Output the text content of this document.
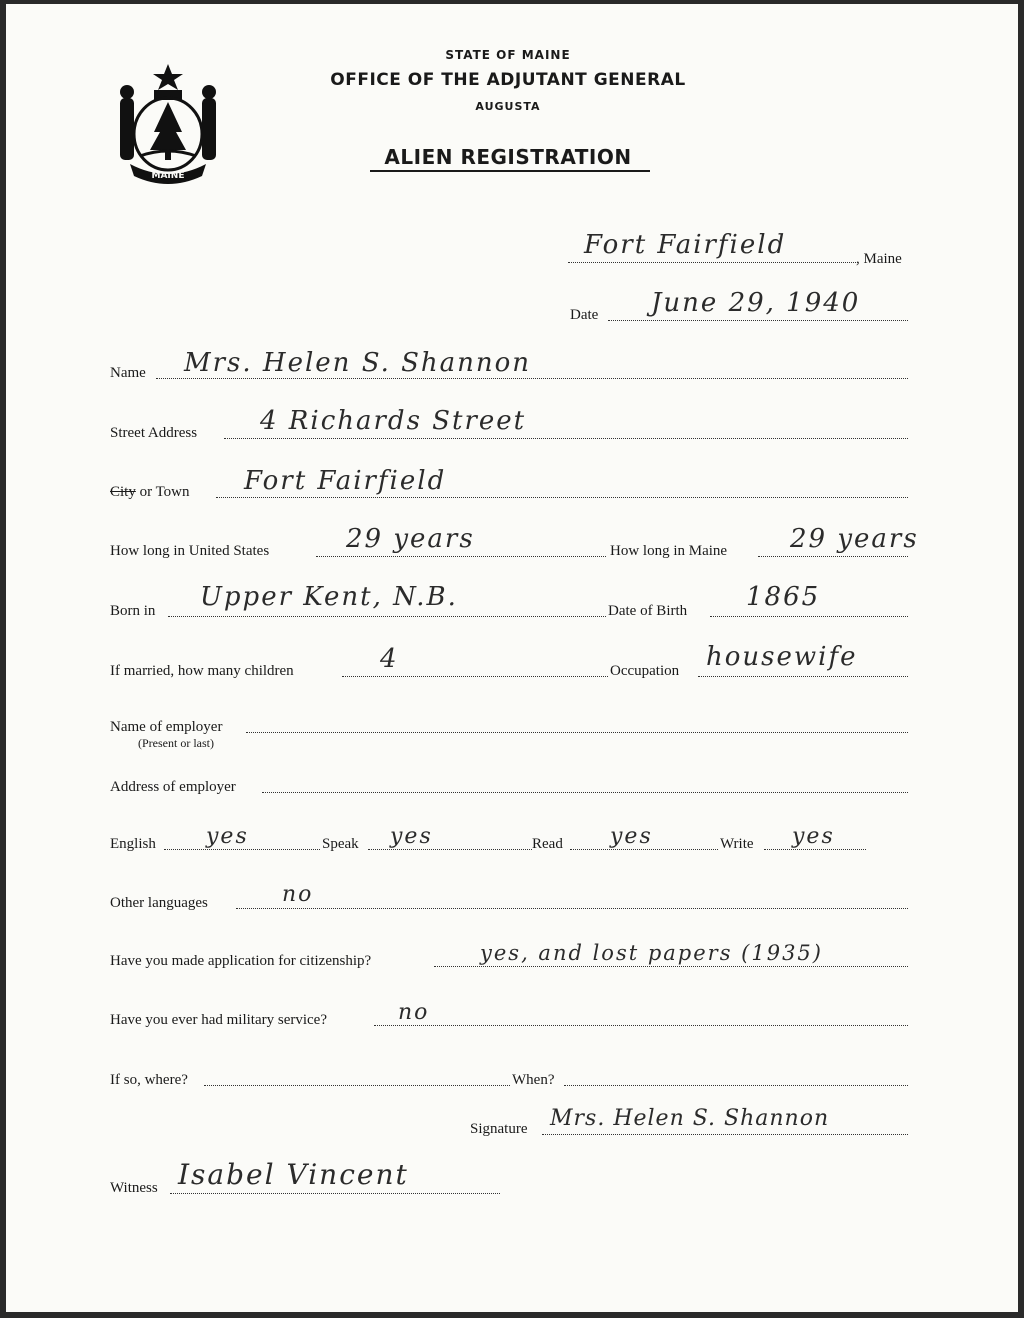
MAINE
STATE OF MAINE
OFFICE OF THE ADJUTANT GENERAL
AUGUSTA
ALIEN REGISTRATION
Fort Fairfield	, Maine
Date June 29, 1940
Name Mrs. Helen S. Shannon
Street Address 4 Richards Street
City or Town Fort Fairfield
How long in United States	29 years	How long in Maine 29 years
Born in Upper Kent, N.B.	Date of Birth 1865
If married, how many children	4	Occupation housewife
Name of employer
(Present or last)
Address of employer
English yes	Speak yes	Read yes	Write yes
Other languages	no
Have you made application for citizenship?	yes, and lost papers (1935)
Have you ever had military service?	no
If so, where?	When?
Signature Mrs. Helen S. Shannon
Witness Isabel Vincent
